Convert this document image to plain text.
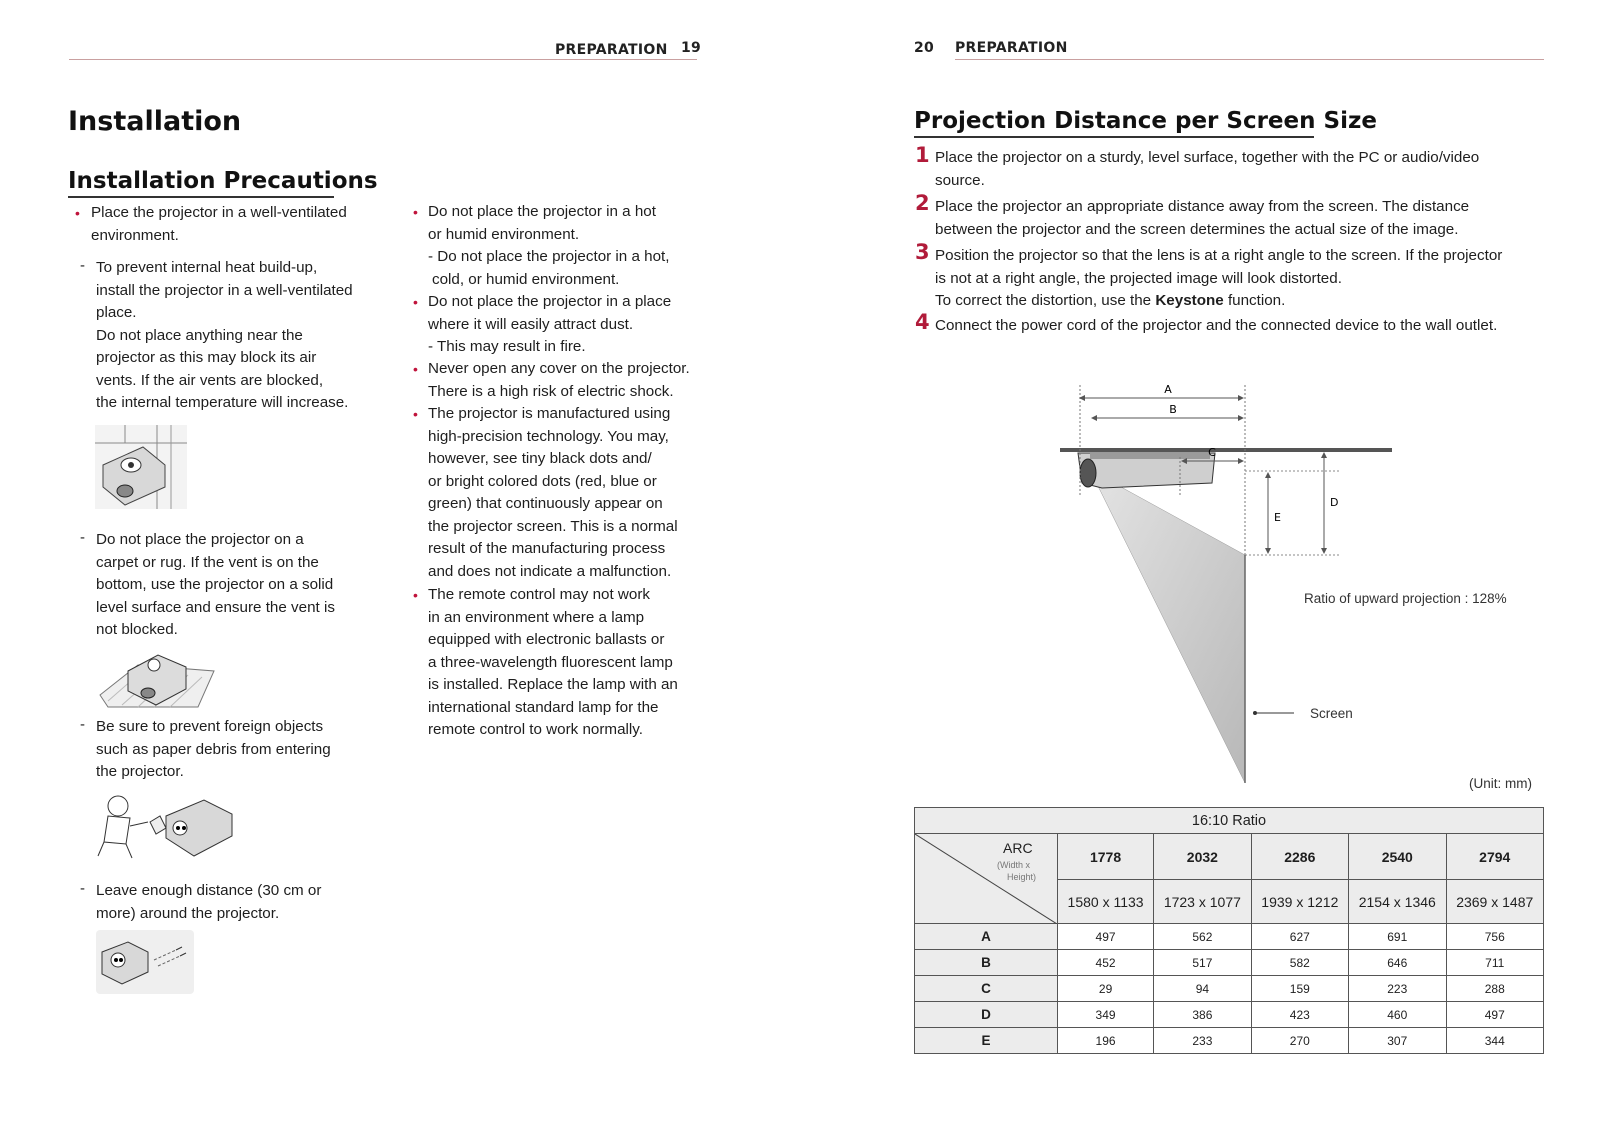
PREPARATION 19
Installation
Installation Precautions
• Place the projector in a well-ventilated environment.
- To prevent internal heat build-up,
install the projector in a well-ventilated
place.
Do not place anything near the
projector as this may block its air
vents. If the air vents are blocked,
the internal temperature will increase.
- Do not place the projector on a
carpet or rug. If the vent is on the
bottom, use the projector on a solid
level surface and ensure the vent is
not blocked.
- Be sure to prevent foreign objects
such as paper debris from entering
the projector.
- Leave enough distance (30 cm or
more) around the projector.
• Do not place the projector in a hot
or humid environment.
- Do not place the projector in a hot,
cold, or humid environment.
• Do not place the projector in a place
where it will easily attract dust.
- This may result in fire.
• Never open any cover on the projector.
There is a high risk of electric shock.
• The projector is manufactured using
high-precision technology. You may,
however, see tiny black dots and/
or bright colored dots (red, blue or
green) that continuously appear on
the projector screen. This is a normal
result of the manufacturing process
and does not indicate a malfunction.
• The remote control may not work
in an environment where a lamp
equipped with electronic ballasts or
a three-wavelength fluorescent lamp
is installed. Replace the lamp with an
international standard lamp for the
remote control to work normally.
20 PREPARATION
Projection Distance per Screen Size
1 Place the projector on a sturdy, level surface, together with the PC or audio/video
source.
2 Place the projector an appropriate distance away from the screen. The distance
between the projector and the screen determines the actual size of the image.
3 Position the projector so that the lens is at a right angle to the screen. If the projector
is not at a right angle, the projected image will look distorted.
To correct the distortion, use the Keystone function.
4 Connect the power cord of the projector and the connected device to the wall outlet.
A
B
C
D
E
Ratio of upward projection : 128%
Screen
(Unit: mm)
16:10 Ratio					

ARC
(Width x
Height)	1778	2032	2286	2540	2794
	1580 x 1133	1723 x 1077	1939 x 1212	2154 x 1346	2369 x 1487
A	497	562	627	691	756
B	452	517	582	646	711
C	29	94	159	223	288
D	349	386	423	460	497
E	196	233	270	307	344
